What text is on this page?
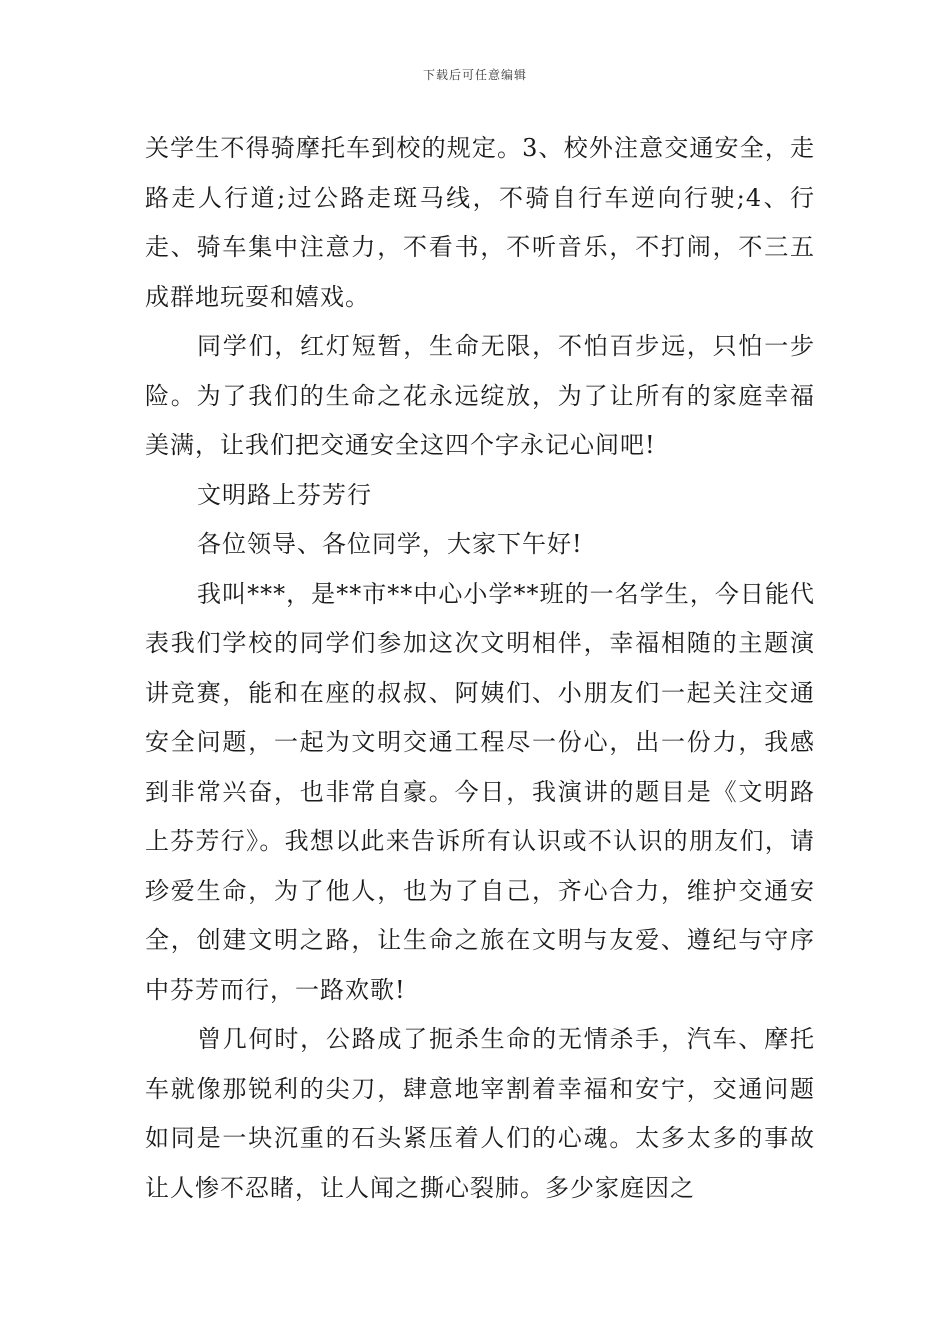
下载后可任意编辑

关学生不得骑摩托车到校的规定。3、校外注意交通安全，走路走人行道;过公路走斑马线，不骑自行车逆向行驶;4、行走、骑车集中注意力，不看书，不听音乐，不打闹，不三五成群地玩耍和嬉戏。

同学们，红灯短暂，生命无限，不怕百步远，只怕一步险。为了我们的生命之花永远绽放，为了让所有的家庭幸福美满，让我们把交通安全这四个字永记心间吧!

文明路上芬芳行

各位领导、各位同学，大家下午好!

我叫***，是**市**中心小学**班的一名学生，今日能代表我们学校的同学们参加这次文明相伴，幸福相随的主题演讲竞赛，能和在座的叔叔、阿姨们、小朋友们一起关注交通安全问题，一起为文明交通工程尽一份心，出一份力，我感到非常兴奋，也非常自豪。今日，我演讲的题目是《文明路上芬芳行》。我想以此来告诉所有认识或不认识的朋友们，请珍爱生命，为了他人，也为了自己，齐心合力，维护交通安全，创建文明之路，让生命之旅在文明与友爱、遵纪与守序中芬芳而行，一路欢歌!

曾几何时，公路成了扼杀生命的无情杀手，汽车、摩托车就像那锐利的尖刀，肆意地宰割着幸福和安宁，交通问题如同是一块沉重的石头紧压着人们的心魂。太多太多的事故让人惨不忍睹，让人闻之撕心裂肺。多少家庭因之
